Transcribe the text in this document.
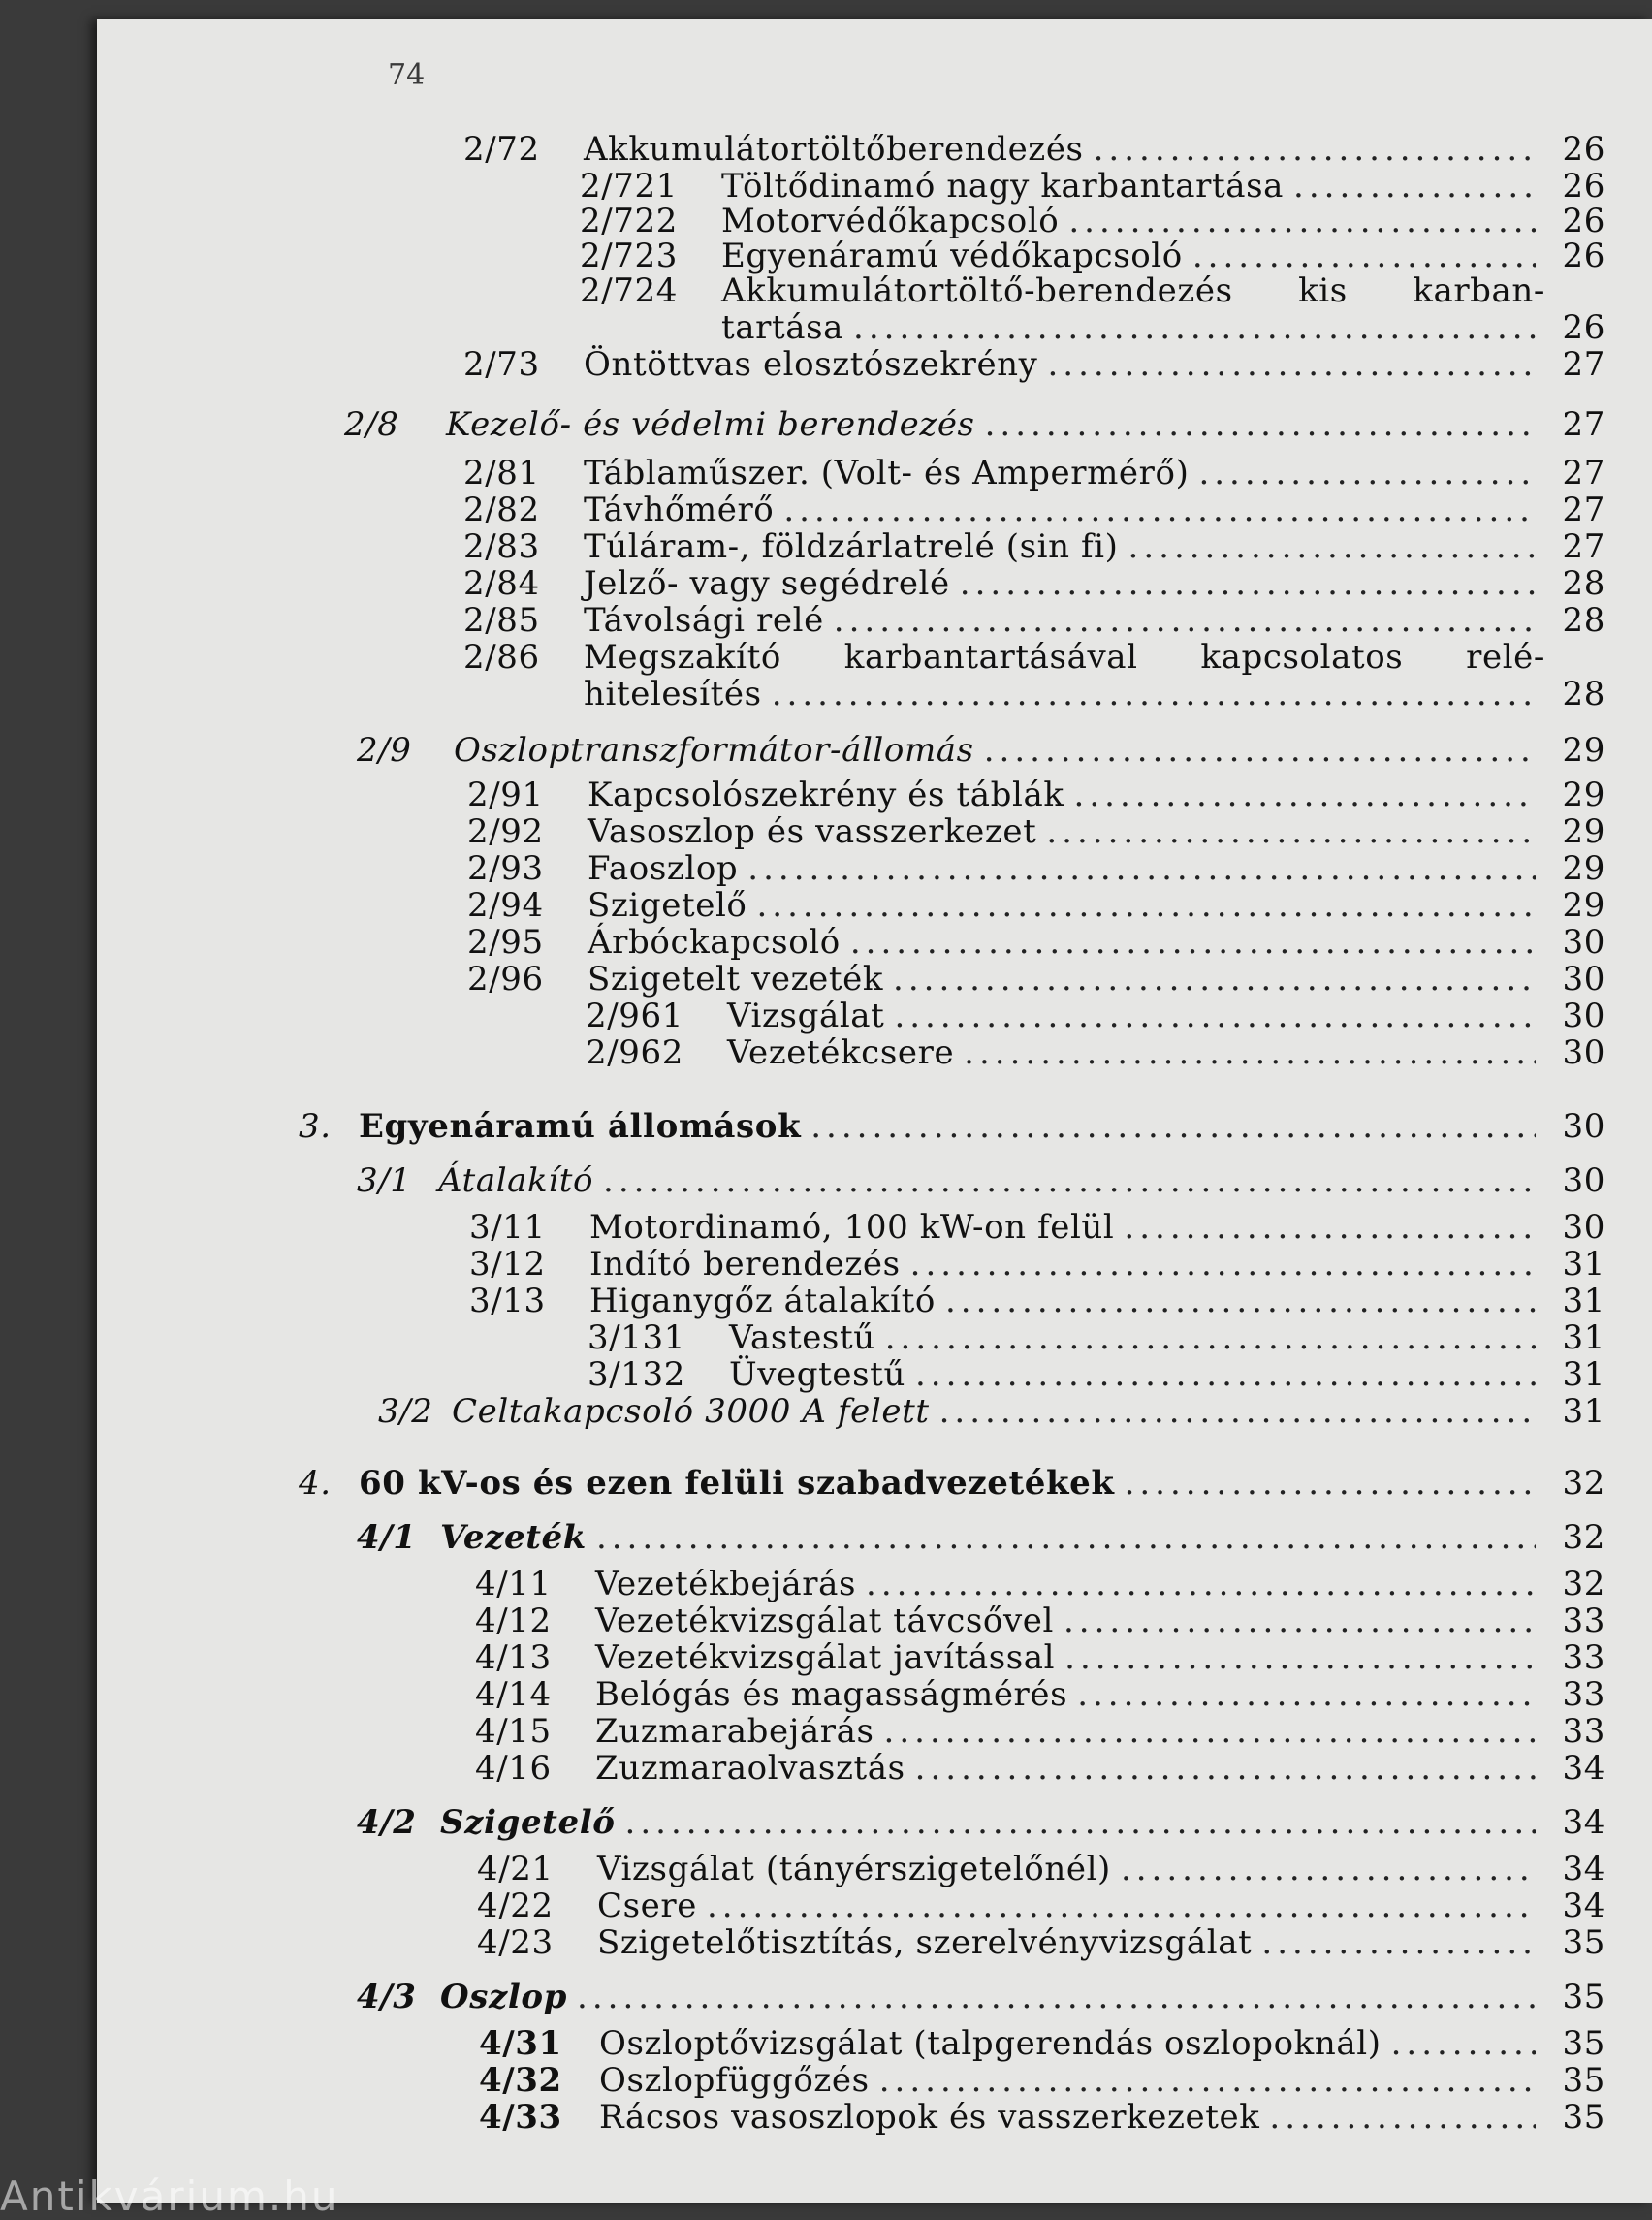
74
2/72	Akkumulátortöltőberendezés .....	26
2/721	Töltődinamó nagy karbantartása .....	26
2/722	Motorvédőkapcsoló .....	26
2/723	Egyenáramú védőkapcsoló .....	26
2/724	Akkumulátortöltő-berendezés kis karban-
tartása .....	26
2/73	Öntöttvas elosztószekrény .....	27
2/8	Kezelő- és védelmi berendezés .....	27
2/81	Táblaműszer. (Volt- és Ampermérő) .....	27
2/82	Távhőmérő .....	27
2/83	Túláram-, földzárlatrelé (sin fi) .....	27
2/84	Jelző- vagy segédrelé .....	28
2/85	Távolsági relé .....	28
2/86	Megszakító karbantartásával kapcsolatos relé-
hitelesítés .....	28
2/9	Oszloptranszformátor-állomás .....	29
2/91	Kapcsolószekrény és táblák .....	29
2/92	Vasoszlop és vasszerkezet .....	29
2/93	Faoszlop .....	29
2/94	Szigetelő .....	29
2/95	Árbóckapcsoló .....	30
2/96	Szigetelt vezeték .....	30
2/961	Vizsgálat .....	30
2/962	Vezetékcsere .....	30
3. Egyenáramú állomások .....	30
3/1 Átalakító .....	30
3/11	Motordinamó, 100 kW-on felül .....	30
3/12	Indító berendezés .....	31
3/13	Higanygőz átalakító .....	31
3/131	Vastestű .....	31
3/132	Üvegtestű .....	31
3/2 Celtakapcsoló 3000 A felett .....	31
4. 60 kV-os és ezen felüli szabadvezetékek .....	32
4/1 Vezeték .....	32
4/11	Vezetékbejárás .....	32
4/12	Vezetékvizsgálat távcsővel .....	33
4/13	Vezetékvizsgálat javítással .....	33
4/14	Belógás és magasságmérés .....	33
4/15	Zuzmarabejárás .....	33
4/16	Zuzmaraolvasztás .....	34
4/2 Szigetelő .....	34
4/21	Vizsgálat (tányérszigetelőnél) .....	34
4/22	Csere .....	34
4/23	Szigetelőtisztítás, szerelvényvizsgálat .....	35
4/3 Oszlop .....	35
4/31	Oszloptővizsgálat (talpgerendás oszlopoknál) .....	35
4/32	Oszlopfüggőzés .....	35
4/33	Rácsos vasoszlopok és vasszerkezetek .....	35
Antikvárium.hu
